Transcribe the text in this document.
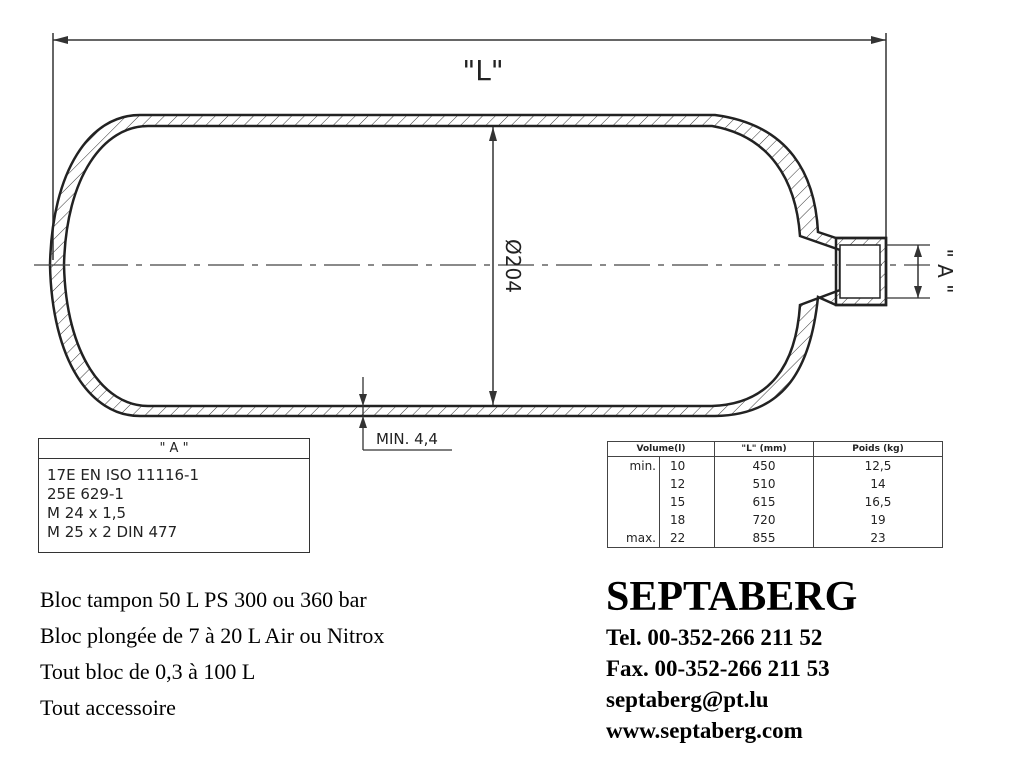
"L"
Ø204	" A "
MIN. 4,4
" A "
17E EN ISO 11116-1
25E 629-1
M 24 x 1,5
M 25 x 2 DIN 477
Volume(l)		"L" (mm)	Poids (kg)
min.	10	450	12,5
	12	510	14
	15	615	16,5
	18	720	19
max.	22	855	23
Bloc tampon 50 L PS 300 ou 360 bar
Bloc plongée de 7 à 20 L Air ou Nitrox
Tout bloc de 0,3 à 100 L
Tout accessoire
SEPTABERG
Tel. 00-352-266 211 52
Fax. 00-352-266 211 53
septaberg@pt.lu
www.septaberg.com
